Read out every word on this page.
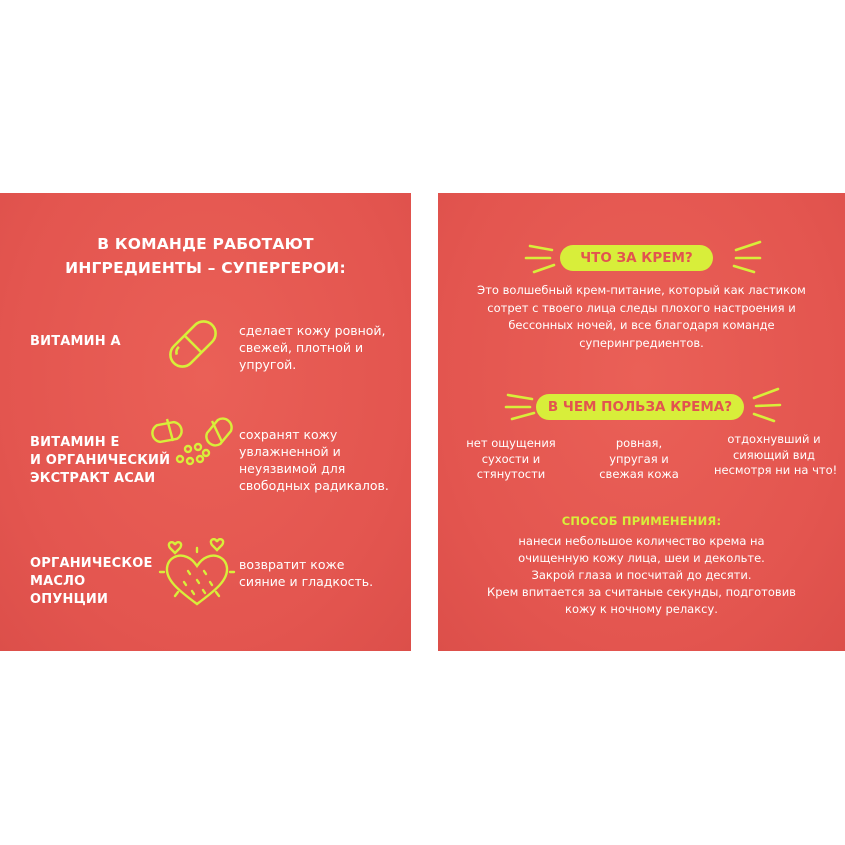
В КОМАНДЕ РАБОТАЮТ
ИНГРЕДИЕНТЫ – СУПЕРГЕРОИ:
ВИТАМИН А
сделает кожу ровной,
свежей, плотной и
упругой.
ВИТАМИН Е
И ОРГАНИЧЕСКИЙ
ЭКСТРАКТ АСАИ
сохранят кожу
увлажненной и
неуязвимой для
свободных радикалов.
ОРГАНИЧЕСКОЕ
МАСЛО
ОПУНЦИИ
возвратит коже
сияние и гладкость.
ЧТО ЗА КРЕМ?
Это волшебный крем-питание, который как ластиком
сотрет с твоего лица следы плохого настроения и
бессонных ночей, и все благодаря команде
суперингредиентов.
В ЧЕМ ПОЛЬЗА КРЕМА?
нет ощущения
сухости и
стянутости
ровная,
упругая и
свежая кожа
отдохнувший и
сияющий вид
несмотря ни на что!
СПОСОБ ПРИМЕНЕНИЯ:
нанеси небольшое количество крема на
очищенную кожу лица, шеи и декольте.
Закрой глаза и посчитай до десяти.
Крем впитается за считаные секунды, подготовив
кожу к ночному релаксу.
